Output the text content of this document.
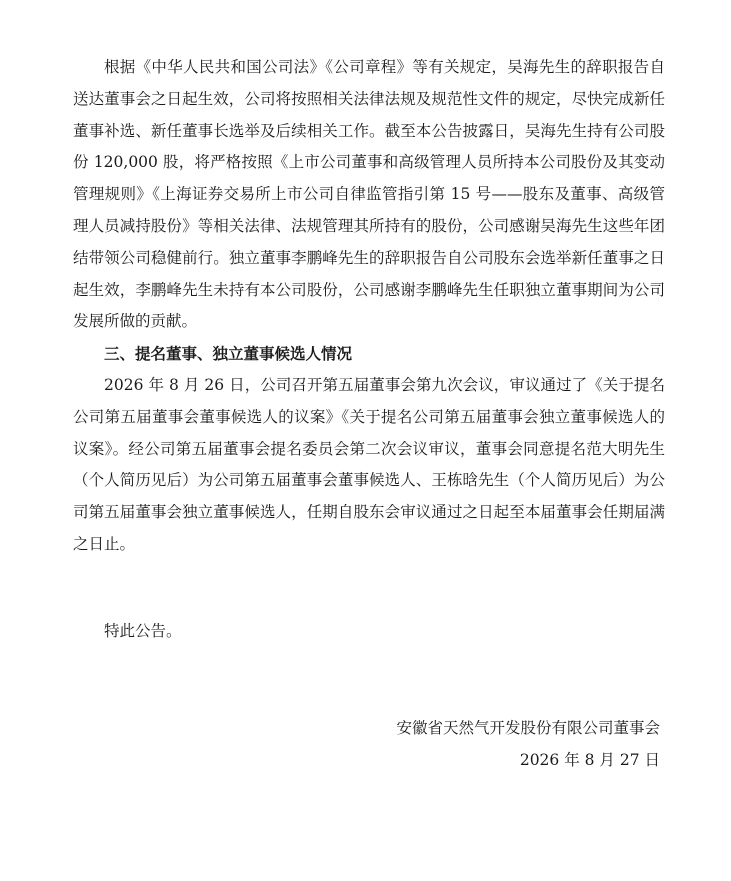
根据《中华人民共和国公司法》《公司章程》等有关规定，吴海先生的辞职报告自送达董事会之日起生效，公司将按照相关法律法规及规范性文件的规定，尽快完成新任董事补选、新任董事长选举及后续相关工作。截至本公告披露日，吴海先生持有公司股份 120,000 股，将严格按照《上市公司董事和高级管理人员所持本公司股份及其变动管理规则》《上海证券交易所上市公司自律监管指引第 15 号——股东及董事、高级管理人员减持股份》等相关法律、法规管理其所持有的股份，公司感谢吴海先生这些年团结带领公司稳健前行。独立董事李鹏峰先生的辞职报告自公司股东会选举新任董事之日起生效，李鹏峰先生未持有本公司股份，公司感谢李鹏峰先生任职独立董事期间为公司发展所做的贡献。

三、提名董事、独立董事候选人情况

2026 年 8 月 26 日，公司召开第五届董事会第九次会议，审议通过了《关于提名公司第五届董事会董事候选人的议案》《关于提名公司第五届董事会独立董事候选人的议案》。经公司第五届董事会提名委员会第二次会议审议，董事会同意提名范大明先生（个人简历见后）为公司第五届董事会董事候选人、王栋晗先生（个人简历见后）为公司第五届董事会独立董事候选人，任期自股东会审议通过之日起至本届董事会任期届满之日止。

特此公告。

安徽省天然气开发股份有限公司董事会
2026 年 8 月 27 日
